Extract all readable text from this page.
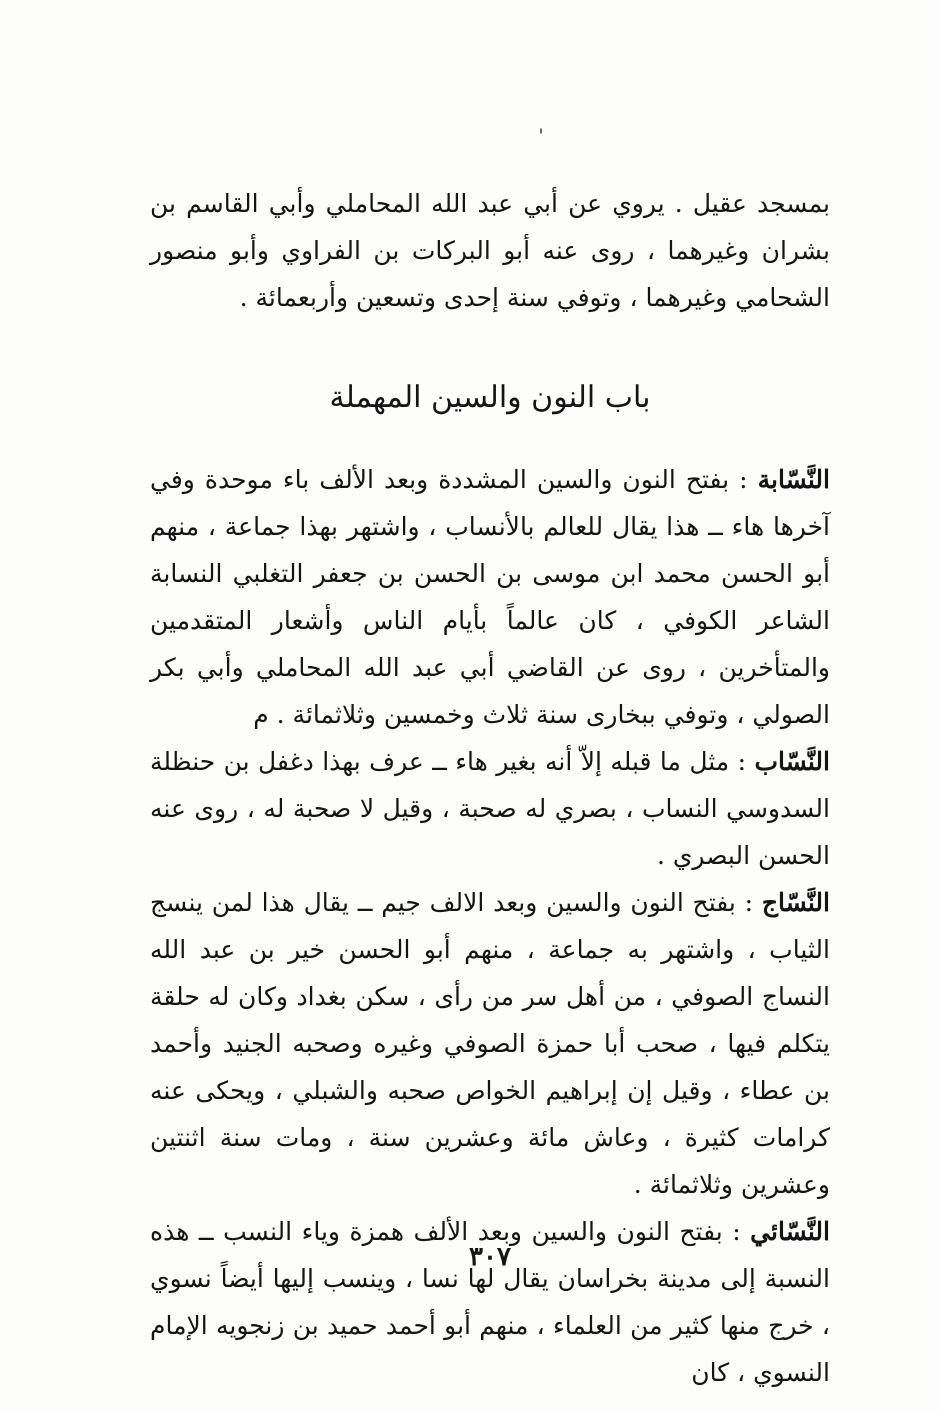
بمسجد عقيل . يروي عن أبي عبد الله المحاملي وأبي القاسم بن بشران وغيرهما ، روى عنه أبو البركات بن الفراوي وأبو منصور الشحامي وغيرهما ، وتوفي سنة إحدى وتسعين وأربعمائة .

باب النون والسين المهملة

النَّسّابة : بفتح النون والسين المشددة وبعد الألف باء موحدة وفي آخرها هاء ــ هذا يقال للعالم بالأنساب ، واشتهر بهذا جماعة ، منهم أبو الحسن محمد ابن موسى بن الحسن بن جعفر التغلبي النسابة الشاعر الكوفي ، كان عالماً بأيام الناس وأشعار المتقدمين والمتأخرين ، روى عن القاضي أبي عبد الله المحاملي وأبي بكر الصولي ، وتوفي ببخارى سنة ثلاث وخمسين وثلاثمائة . م

النَّسّاب : مثل ما قبله إلاّ أنه بغير هاء ــ عرف بهذا دغفل بن حنظلة السدوسي النساب ، بصري له صحبة ، وقيل لا صحبة له ، روى عنه الحسن البصري .

النَّسّاج : بفتح النون والسين وبعد الالف جيم ــ يقال هذا لمن ينسج الثياب ، واشتهر به جماعة ، منهم أبو الحسن خير بن عبد الله النساج الصوفي ، من أهل سر من رأى ، سكن بغداد وكان له حلقة يتكلم فيها ، صحب أبا حمزة الصوفي وغيره وصحبه الجنيد وأحمد بن عطاء ، وقيل إن إبراهيم الخواص صحبه والشبلي ، ويحكى عنه كرامات كثيرة ، وعاش مائة وعشرين سنة ، ومات سنة اثنتين وعشرين وثلاثمائة .

النَّسّائي : بفتح النون والسين وبعد الألف همزة وياء النسب ــ هذه النسبة إلى مدينة بخراسان يقال لها نسا ، وينسب إليها أيضاً نسوي ، خرج منها كثير من العلماء ، منهم أبو أحمد حميد بن زنجويه الإمام النسوي ، كان

٣٠٧
